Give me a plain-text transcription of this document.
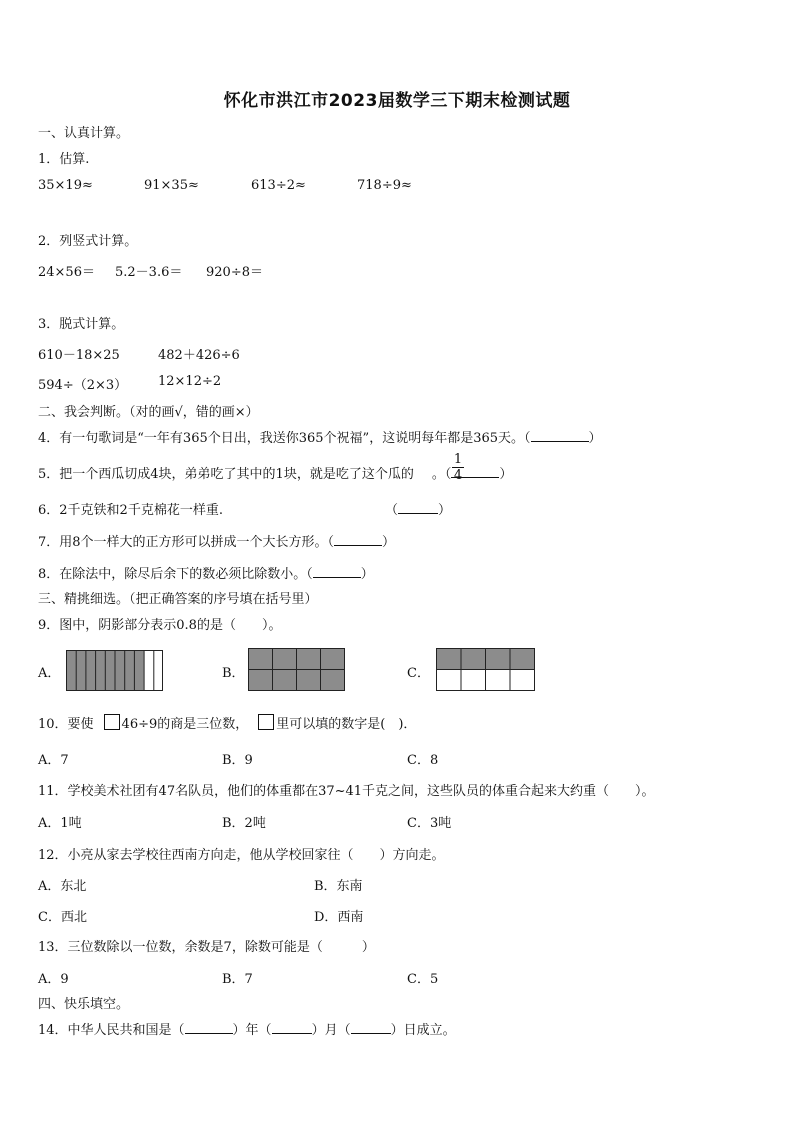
怀化市洪江市2023届数学三下期末检测试题
一、认真计算。
1．估算.
35×19≈	91×35≈	613÷2≈	718÷9≈
2．列竖式计算。
24×56＝ 5.2－3.6＝ 920÷8＝
3．脱式计算。
610－18×25	482＋426÷6
594÷（2×3） 12×12÷2
二、我会判断。（对的画√，错的画×）
4．有一句歌词是“一年有365个日出，我送你365个祝福”，这说明每年都是365天。（	）
5．把一个西瓜切成4块，弟弟吃了其中的1块，就是吃了这个瓜的 。（	）
$\frac{1}{4}$
6．2千克铁和2千克棉花一样重.	（	）
7．用8个一样大的正方形可以拼成一个大长方形。（	）
8．在除法中，除尽后余下的数必须比除数小。（	）
三、精挑细选。（把正确答案的序号填在括号里）
9．图中，阴影部分表示0.8的是（　　）。
A．	B．	C．
10．要使 46÷9的商是三位数， 里可以填的数字是(　)．
A．7	B．9	C．8
11．学校美术社团有47名队员，他们的体重都在37~41千克之间，这些队员的体重合起来大约重（　　）。
A．1吨	B．2吨	C．3吨
12．小亮从家去学校往西南方向走，他从学校回家往（　　）方向走。
A．东北	B．东南
C．西北	D．西南
13．三位数除以一位数，余数是7，除数可能是（　　　）
A．9	B．7	C．5
四、快乐填空。
14．中华人民共和国是（	）年（	）月（	）日成立。
